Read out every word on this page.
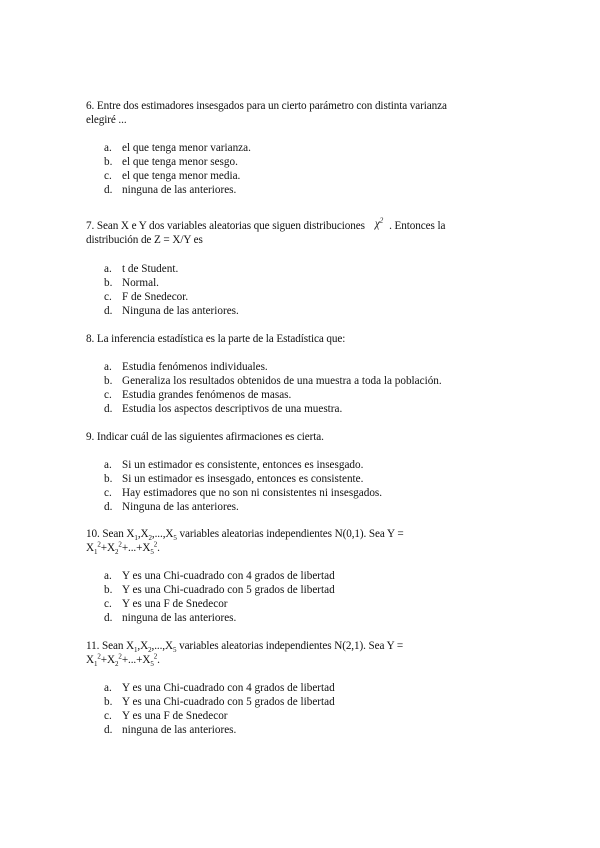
6. Entre dos estimadores insesgados para un cierto parámetro con distinta varianza
elegiré ...
a. el que tenga menor varianza.
b. el que tenga menor sesgo.
c. el que tenga menor media.
d. ninguna de las anteriores.
7. Sean X e Y dos variables aleatorias que siguen distribuciones $\chi^2$ . Entonces la
distribución de Z = X/Y es
a. t de Student.
b. Normal.
c. F de Snedecor.
d. Ninguna de las anteriores.
8. La inferencia estadística es la parte de la Estadística que:
a. Estudia fenómenos individuales.
b. Generaliza los resultados obtenidos de una muestra a toda la población.
c. Estudia grandes fenómenos de masas.
d. Estudia los aspectos descriptivos de una muestra.
9. Indicar cuál de las siguientes afirmaciones es cierta.
a. Si un estimador es consistente, entonces es insesgado.
b. Si un estimador es insesgado, entonces es consistente.
c. Hay estimadores que no son ni consistentes ni insesgados.
d. Ninguna de las anteriores.
10. Sean $X_1,X_2,...,X_5$ variables aleatorias independientes N(0,1). Sea Y =
$X_1^2+X_2^2+...+X_5^2$.
a. Y es una Chi-cuadrado con 4 grados de libertad
b. Y es una Chi-cuadrado con 5 grados de libertad
c. Y es una F de Snedecor
d. ninguna de las anteriores.
11. Sean $X_1,X_2,...,X_5$ variables aleatorias independientes N(2,1). Sea Y =
$X_1^2+X_2^2+...+X_5^2$.
a. Y es una Chi-cuadrado con 4 grados de libertad
b. Y es una Chi-cuadrado con 5 grados de libertad
c. Y es una F de Snedecor
d. ninguna de las anteriores.
